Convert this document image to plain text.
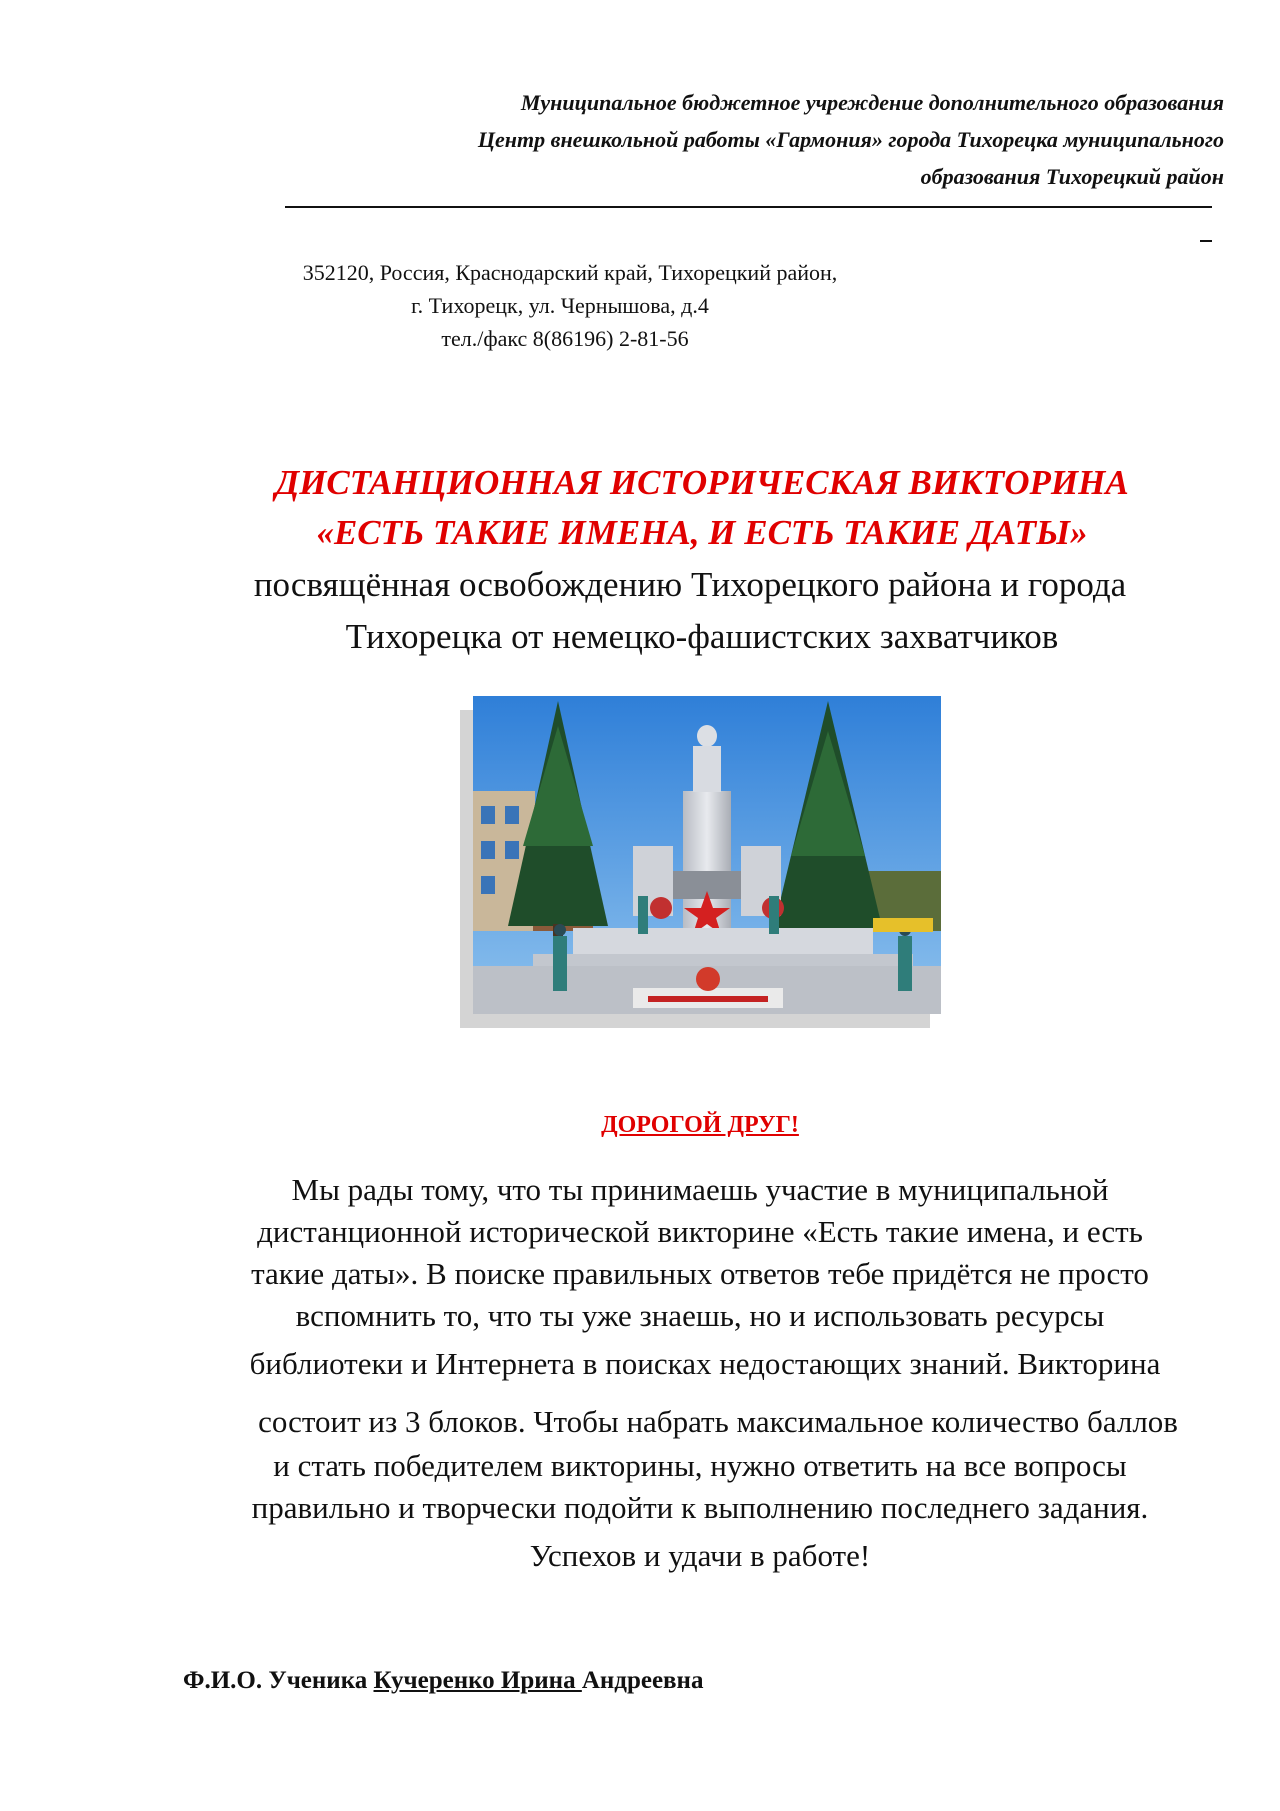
Муниципальное бюджетное учреждение дополнительного образования
Центр внешкольной работы «Гармония» города Тихорецка муниципального
образования Тихорецкий район
352120, Россия, Краснодарский край, Тихорецкий район,
г. Тихорецк, ул. Чернышова, д.4
тел./факс 8(86196) 2-81-56
ДИСТАНЦИОННАЯ ИСТОРИЧЕСКАЯ ВИКТОРИНА
«ЕСТЬ ТАКИЕ ИМЕНА, И ЕСТЬ ТАКИЕ ДАТЫ»
посвящённая освобождению Тихорецкого района и города
Тихорецка от немецко-фашистских захватчиков
ДОРОГОЙ ДРУГ!
Мы рады тому, что ты принимаешь участие в муниципальной
дистанционной исторической викторине «Есть такие имена, и есть
такие даты». В поиске правильных ответов тебе придётся не просто
вспомнить то, что ты уже знаешь, но и использовать ресурсы
библиотеки и Интернета в поисках недостающих знаний. Викторина
состоит из 3 блоков. Чтобы набрать максимальное количество баллов
и стать победителем викторины, нужно ответить на все вопросы
правильно и творчески подойти к выполнению последнего задания.
Успехов и удачи в работе!
Ф.И.О. Ученика Кучеренко Ирина Андреевна
